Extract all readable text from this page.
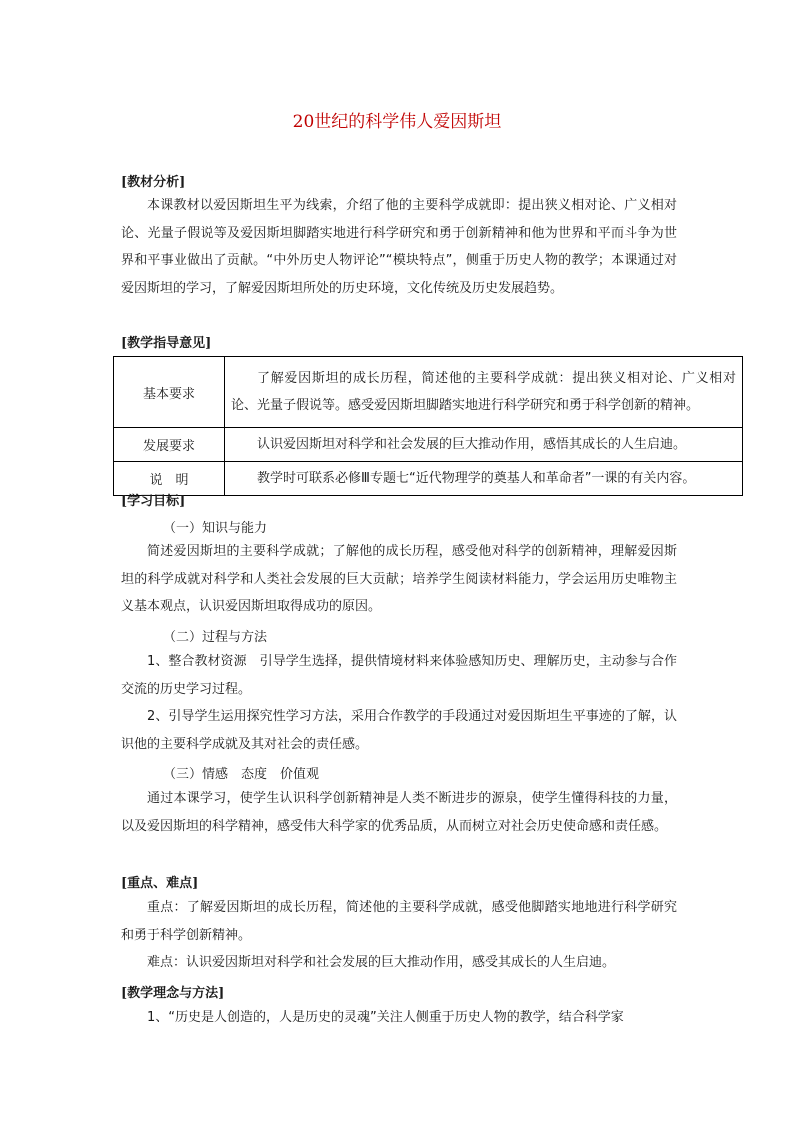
20世纪的科学伟人爱因斯坦
[教材分析]

本课教材以爱因斯坦生平为线索，介绍了他的主要科学成就即：提出狭义相对论、广义相对论、光量子假说等及爱因斯坦脚踏实地进行科学研究和勇于创新精神和他为世界和平而斗争为世界和平事业做出了贡献。“中外历史人物评论”“模块特点”，侧重于历史人物的教学；本课通过对爱因斯坦的学习，了解爱因斯坦所处的历史环境，文化传统及历史发展趋势。

[教学指导意见]
基本要求	了解爱因斯坦的成长历程，简述他的主要科学成就：提出狭义相对论、广义相对论、光量子假说等。感受爱因斯坦脚踏实地进行科学研究和勇于科学创新的精神。
发展要求	认识爱因斯坦对科学和社会发展的巨大推动作用，感悟其成长的人生启迪。
说　明	教学时可联系必修Ⅲ专题七“近代物理学的奠基人和革命者”一课的有关内容。
[学习目标]
（一）知识与能力

简述爱因斯坦的主要科学成就；了解他的成长历程，感受他对科学的创新精神，理解爱因斯坦的科学成就对科学和人类社会发展的巨大贡献；培养学生阅读材料能力，学会运用历史唯物主义基本观点，认识爱因斯坦取得成功的原因。

（二）过程与方法

1、整合教材资源　引导学生选择，提供情境材料来体验感知历史、理解历史，主动参与合作交流的历史学习过程。

2、引导学生运用探究性学习方法，采用合作教学的手段通过对爱因斯坦生平事迹的了解，认识他的主要科学成就及其对社会的责任感。

（三）情感　态度　价值观

通过本课学习，使学生认识科学创新精神是人类不断进步的源泉，使学生懂得科技的力量，以及爱因斯坦的科学精神，感受伟大科学家的优秀品质，从而树立对社会历史使命感和责任感。

[重点、难点]

重点：了解爱因斯坦的成长历程，简述他的主要科学成就，感受他脚踏实地地进行科学研究和勇于科学创新精神。

难点：认识爱因斯坦对科学和社会发展的巨大推动作用，感受其成长的人生启迪。

[教学理念与方法]

1、“历史是人创造的，人是历史的灵魂”关注人侧重于历史人物的教学，结合科学家
